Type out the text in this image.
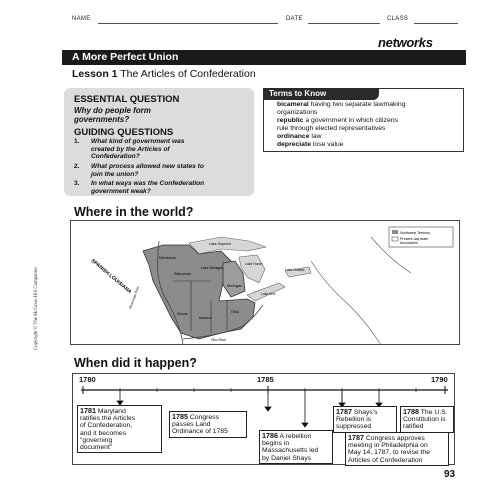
NAME	DATE	CLASS
networks
A More Perfect Union
Lesson 1 The Articles of Confederation
ESSENTIAL QUESTION
Why do people form
governments?
GUIDING QUESTIONS
1. What kind of government was
created by the Articles of
Confederation?
2. What process allowed new states to
join the union?
3. In what ways was the Confederation
government weak?
Terms to Know
bicameral having two separate lawmaking
organizations
republic a government in which citizens
rule through elected representatives
ordinance law
depreciate lose value
Where in the world?
Northwest Territory
Present-day state
boundaries
SPANISH LOUISIANA
Lake Superior
Wisconsin
Michigan
Lake Michigan
Lake Huron
Lake Erie
Lake Ontario
Illinois
Indiana
Ohio
Ohio River
Mississippi River
Minnesota
Copyright © The McGraw-Hill Companies
When did it happen?
1780	1785	1790
1781 Maryland
ratifies the Articles
of Confederation,
and it becomes
"governing
document"
1785 Congress
passes Land
Ordinance of 1785	1786 A rebellion
begins in
Massachusetts led
by Daniel Shays
1787 Shays's
Rebellion is
suppressed
1787 Congress approves
meeting in Philadelphia on
May 14, 1787, to revise the
Articles of Confederation
1788 The U.S.
Constitution is
ratified
93
